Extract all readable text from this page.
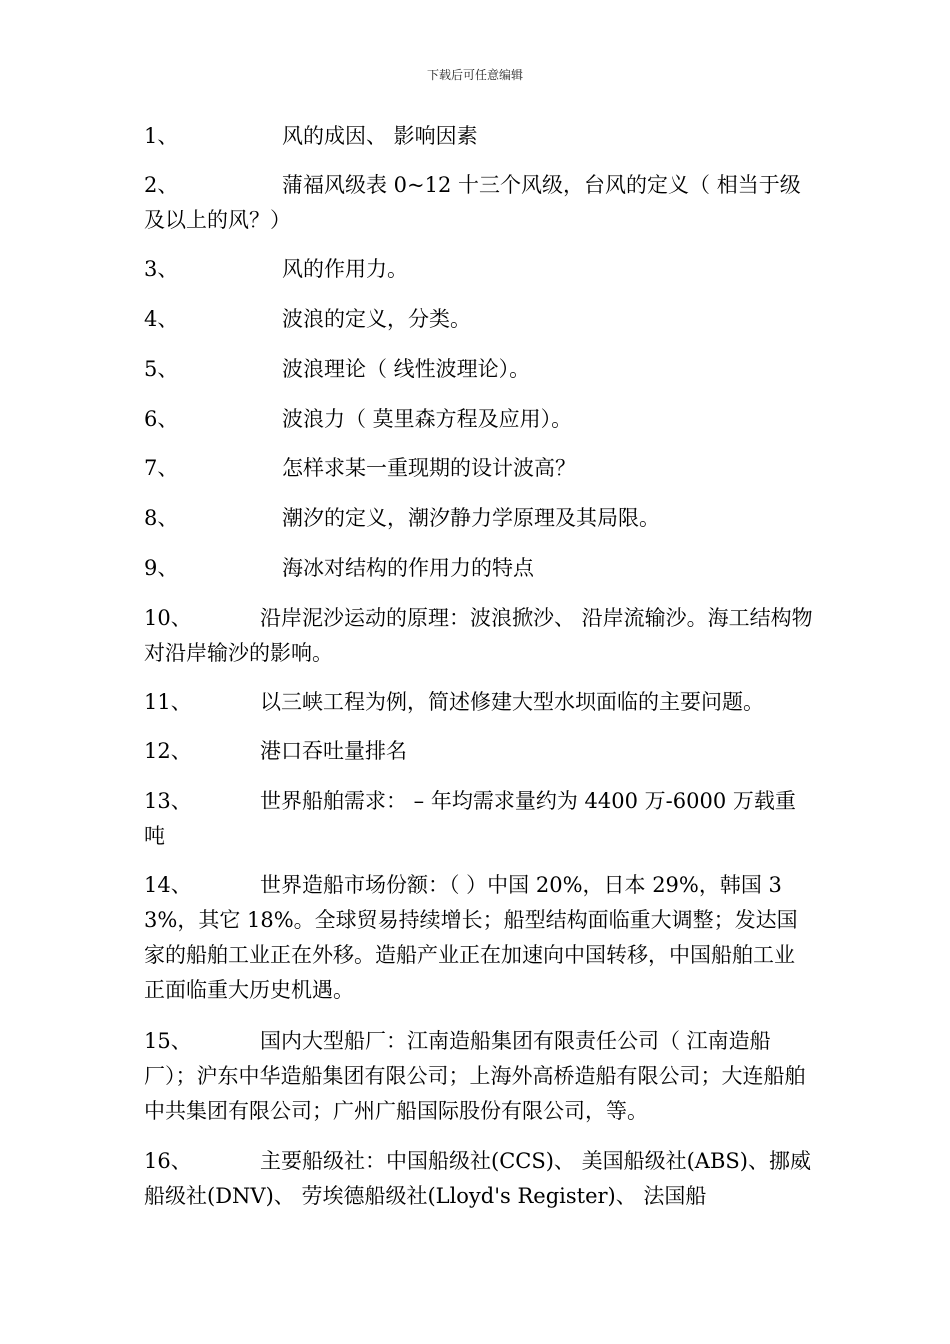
下载后可任意编辑
1、	风的成因、 影响因素
2、	蒲福风级表 0~12 十三个风级，台风的定义（ 相当于级及以上的风？）
3、	风的作用力。
4、	波浪的定义，分类。
5、	波浪理论（ 线性波理论）。
6、	波浪力（ 莫里森方程及应用）。
7、	怎样求某一重现期的设计波高？
8、	潮汐的定义，潮汐静力学原理及其局限。
9、	海冰对结构的作用力的特点
10、	沿岸泥沙运动的原理：波浪掀沙、 沿岸流输沙。海工结构物对沿岸输沙的影响。
11、	以三峡工程为例，简述修建大型水坝面临的主要问题。
12、	港口吞吐量排名
13、	世界船舶需求： – 年均需求量约为 4400 万-6000 万载重吨
14、	世界造船市场份额：（ ）中国 20%，日本 29%，韩国 33%，其它 18%。全球贸易持续增长；船型结构面临重大调整；发达国家的船舶工业正在外移。造船产业正在加速向中国转移，中国船舶工业正面临重大历史机遇。
15、	国内大型船厂：江南造船集团有限责任公司（ 江南造船厂）；沪东中华造船集团有限公司；上海外高桥造船有限公司；大连船舶中共集团有限公司；广州广船国际股份有限公司，等。
16、	主要船级社：中国船级社(CCS)、 美国船级社(ABS)、挪威船级社(DNV)、 劳埃德船级社(Lloyd's Register)、 法国船
